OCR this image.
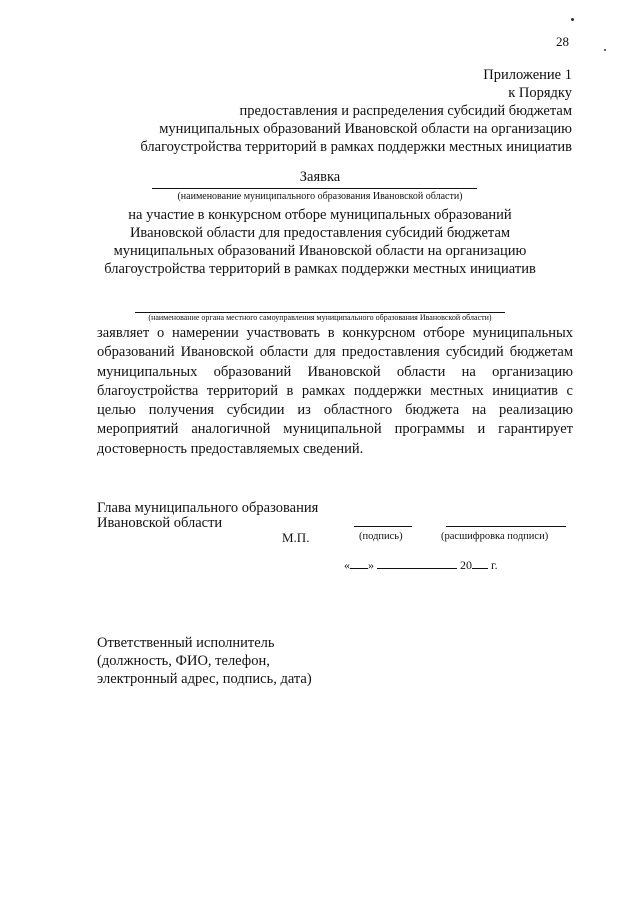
28
Приложение 1
к Порядку
предоставления и распределения субсидий бюджетам
муниципальных образований Ивановской области на организацию
благоустройства территорий в рамках поддержки местных инициатив
Заявка
(наименование муниципального образования Ивановской области)
на участие в конкурсном отборе муниципальных образований
Ивановской области для предоставления субсидий бюджетам
муниципальных образований Ивановской области на организацию
благоустройства территорий в рамках поддержки местных инициатив
(наименование органа местного самоуправления муниципального образования Ивановской области)
заявляет о намерении участвовать в конкурсном отборе муниципальных образований Ивановской области для предоставления субсидий бюджетам муниципальных образований Ивановской области на организацию благоустройства территорий в рамках поддержки местных инициатив с целью получения субсидии из областного бюджета на реализацию мероприятий аналогичной муниципальной программы и гарантирует достоверность предоставляемых сведений.
Глава муниципального образования
Ивановской области
М.П.	(подпись)	(расшифровка подписи)
« »	20 г.
Ответственный исполнитель
(должность, ФИО, телефон,
электронный адрес, подпись, дата)
